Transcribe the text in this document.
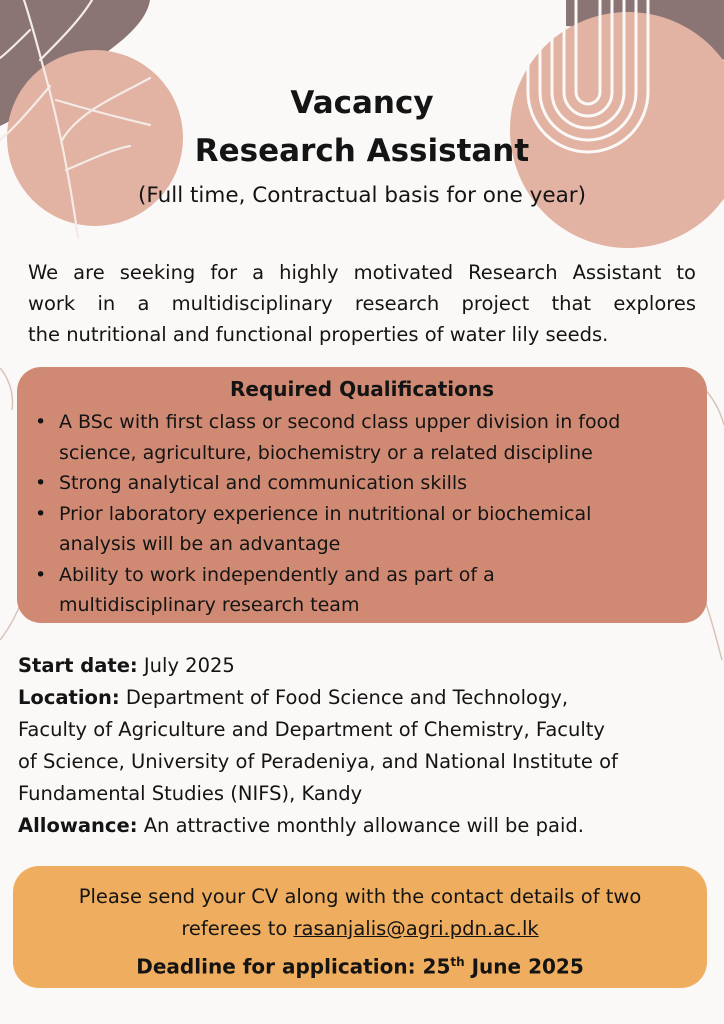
Vacancy
Research Assistant

(Full time, Contractual basis for one year)

We are seeking for a highly motivated Research Assistant to
work in a multidisciplinary research project that explores
the nutritional and functional properties of water lily seeds.

Required Qualifications
• A BSc with first class or second class upper division in food
science, agriculture, biochemistry or a related discipline
• Strong analytical and communication skills
• Prior laboratory experience in nutritional or biochemical
analysis will be an advantage
• Ability to work independently and as part of a
multidisciplinary research team

Start date: July 2025

Location: Department of Food Science and Technology,
Faculty of Agriculture and Department of Chemistry, Faculty
of Science, University of Peradeniya, and National Institute of
Fundamental Studies (NIFS), Kandy

Allowance: An attractive monthly allowance will be paid.

Please send your CV along with the contact details of two

referees to rasanjalis@agri.pdn.ac.lk

Deadline for application: 25th June 2025
